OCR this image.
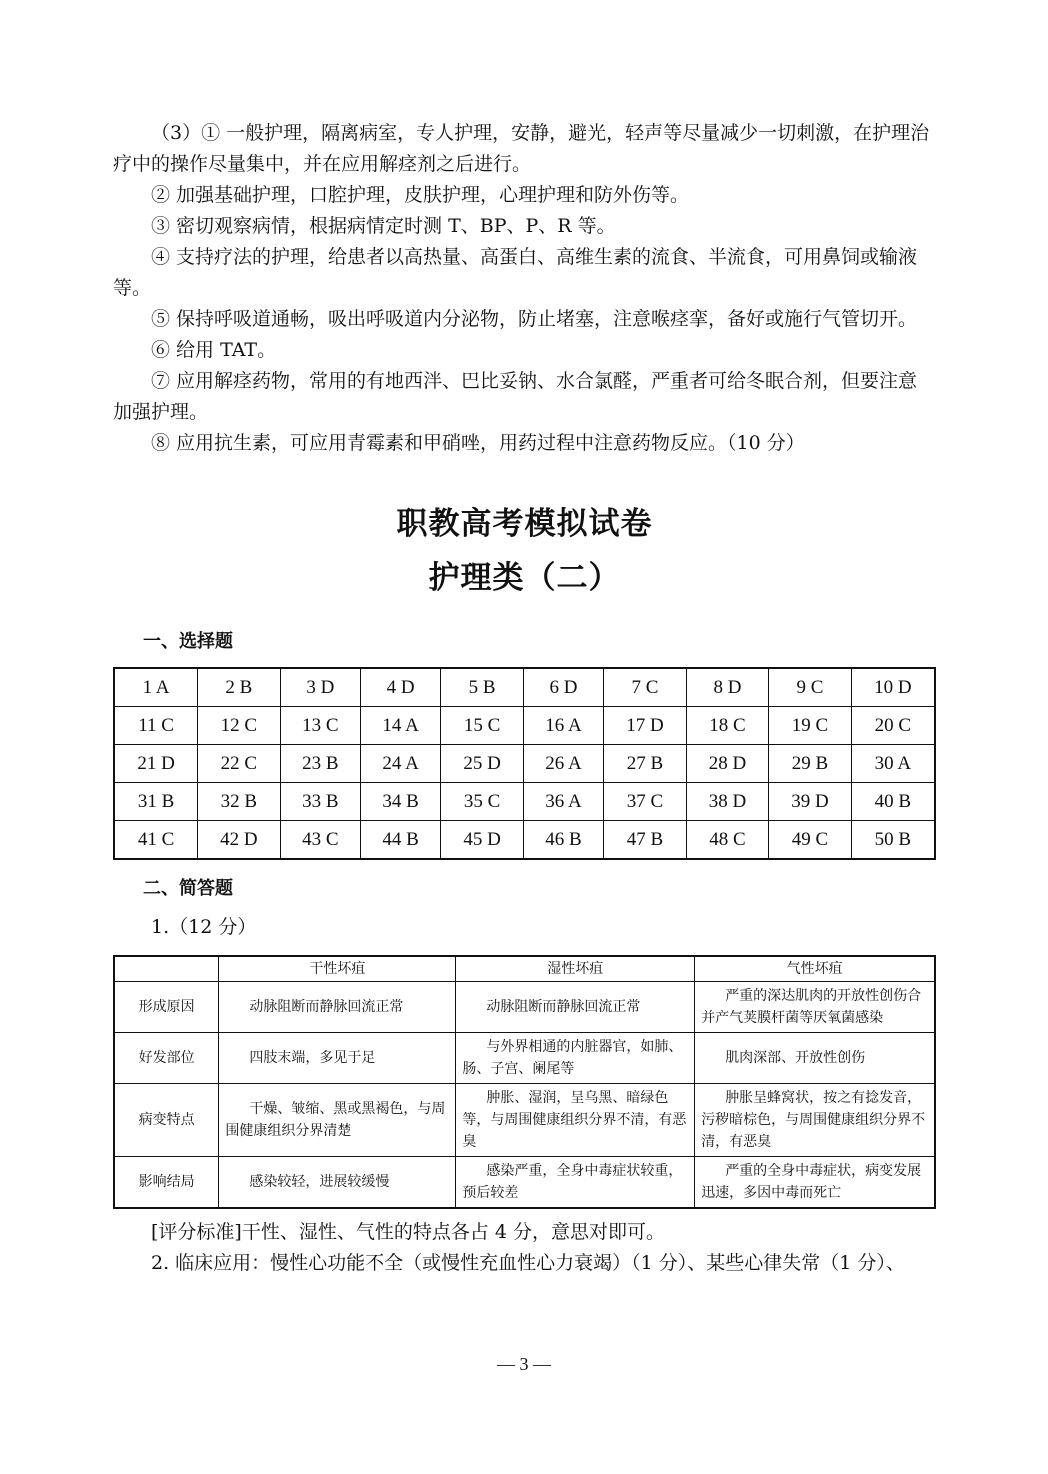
（3）① 一般护理，隔离病室，专人护理，安静，避光，轻声等尽量减少一切刺激，在护理治疗中的操作尽量集中，并在应用解痉剂之后进行。

② 加强基础护理，口腔护理，皮肤护理，心理护理和防外伤等。

③ 密切观察病情，根据病情定时测 T、BP、P、R 等。

④ 支持疗法的护理，给患者以高热量、高蛋白、高维生素的流食、半流食，可用鼻饲或输液等。

⑤ 保持呼吸道通畅，吸出呼吸道内分泌物，防止堵塞，注意喉痉挛，备好或施行气管切开。

⑥ 给用 TAT。

⑦ 应用解痉药物，常用的有地西泮、巴比妥钠、水合氯醛，严重者可给冬眠合剂，但要注意加强护理。

⑧ 应用抗生素，可应用青霉素和甲硝唑，用药过程中注意药物反应。（10 分）

职教高考模拟试卷
护理类（二）

一、选择题

1 A	2 B	3 D	4 D	5 B	6 D	7 C	8 D	9 C	10 D
11 C	12 C	13 C	14 A	15 C	16 A	17 D	18 C	19 C	20 C
21 D	22 C	23 B	24 A	25 D	26 A	27 B	28 D	29 B	30 A
31 B	32 B	33 B	34 B	35 C	36 A	37 C	38 D	39 D	40 B
41 C	42 D	43 C	44 B	45 D	46 B	47 B	48 C	49 C	50 B

二、简答题

1.（12 分）

	干性坏疽	湿性坏疽	气性坏疽
形成原因	动脉阻断而静脉回流正常	动脉阻断而静脉回流正常	严重的深达肌肉的开放性创伤合并产气荚膜杆菌等厌氧菌感染
好发部位	四肢末端，多见于足	与外界相通的内脏器官，如肺、肠、子宫、阑尾等	肌肉深部、开放性创伤
病变特点	干燥、皱缩、黑或黑褐色，与周围健康组织分界清楚	肿胀、湿润，呈乌黑、暗绿色等，与周围健康组织分界不清，有恶臭	肿胀呈蜂窝状，按之有捻发音，污秽暗棕色，与周围健康组织分界不清，有恶臭
影响结局	感染较轻，进展较缓慢	感染严重，全身中毒症状较重，预后较差	严重的全身中毒症状，病变发展迅速，多因中毒而死亡

[评分标准]干性、湿性、气性的特点各占 4 分，意思对即可。

2. 临床应用：慢性心功能不全（或慢性充血性心力衰竭）（1 分）、某些心律失常（1 分）、

— 3 —
